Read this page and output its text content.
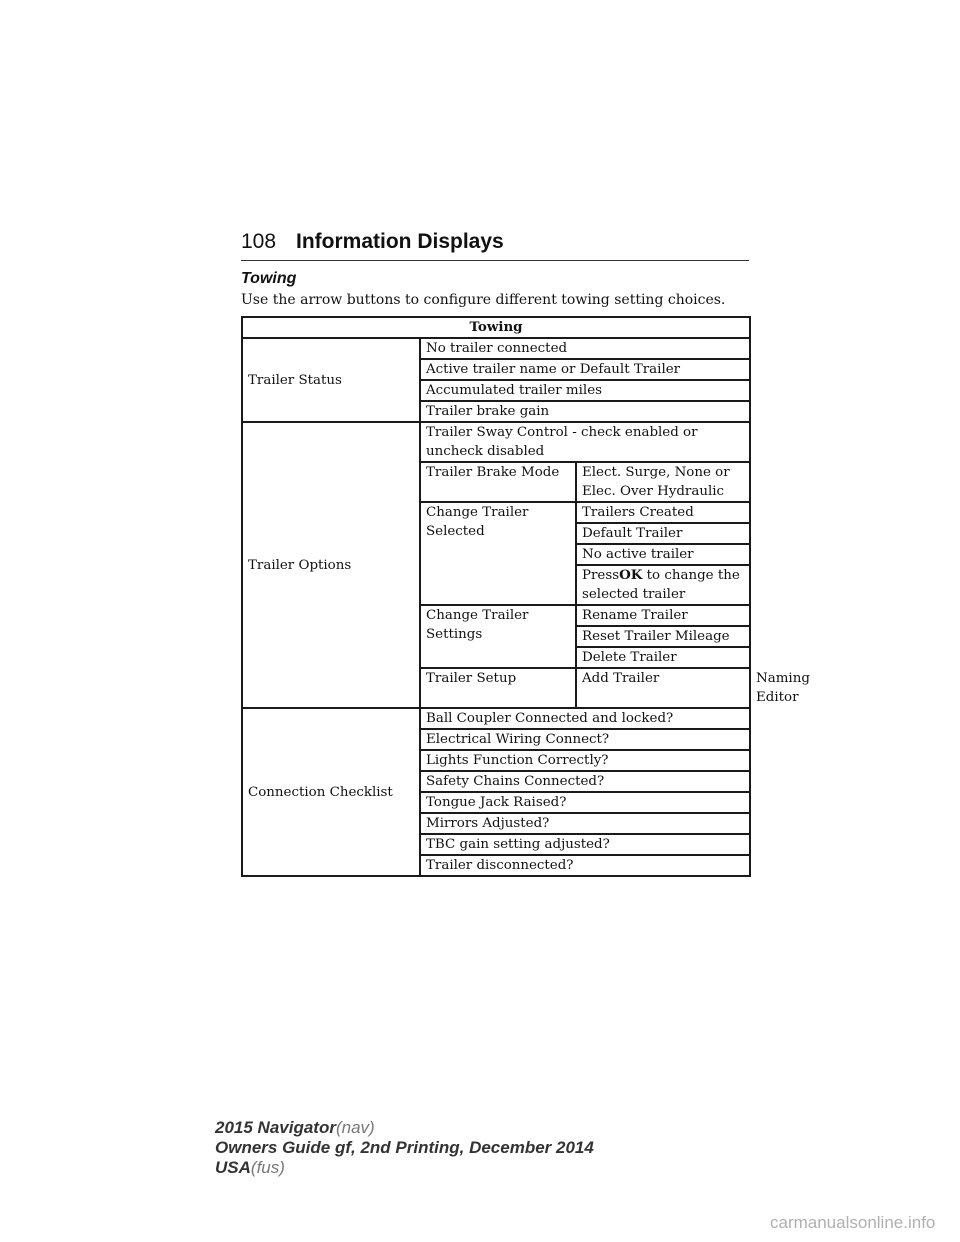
108 Information Displays
Towing
Use the arrow buttons to configure different towing setting choices.
Towing			
Trailer Status	No trailer connected		
	Active trailer name or Default Trailer		
	Accumulated trailer miles		
	Trailer brake gain		
Trailer Options	Trailer Sway Control - check enabled or uncheck disabled		
	Trailer Brake Mode	Elect. Surge, None or Elec. Over Hydraulic	
	Change Trailer Selected	Trailers Created	
		Default Trailer	
		No active trailer	
		PressOK to change the selected trailer	
	Change Trailer Settings	Rename Trailer	
		Reset Trailer Mileage	
		Delete Trailer	
	Trailer Setup	Add Trailer	Naming Editor
Connection Checklist	Ball Coupler Connected and locked?		
	Electrical Wiring Connect?		
	Lights Function Correctly?		
	Safety Chains Connected?		
	Tongue Jack Raised?		
	Mirrors Adjusted?		
	TBC gain setting adjusted?		
	Trailer disconnected?		
2015 Navigator(nav)
Owners Guide gf, 2nd Printing, December 2014
USA(fus)
carmanualsonline.info
